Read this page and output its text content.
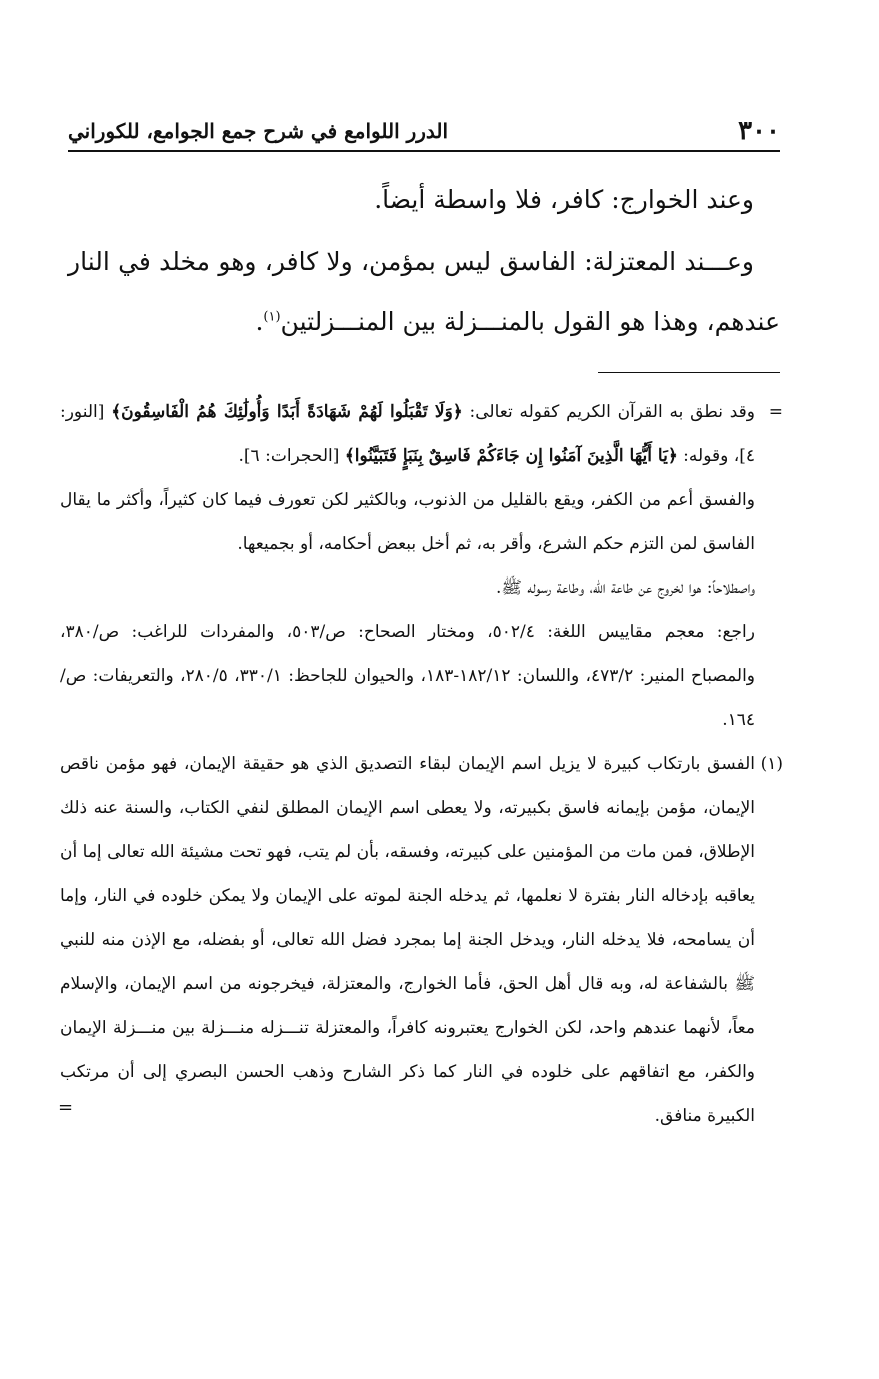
٣٠٠
الدرر اللوامع في شرح جمع الجوامع، للكوراني

وعند الخوارج: كافر، فلا واسطة أيضاً.

وعـــند المعتزلة: الفاسق ليس بمؤمن، ولا كافر، وهو مخلد في النار عندهم، وهذا هو القول بالمنـــزلة بين المنـــزلتين$^{(١)}$.

=

وقد نطق به القرآن الكريم كقوله تعالى: ﴿وَلَا تَقْبَلُوا لَهُمْ شَهَادَةً أَبَدًا وَأُولَٰئِكَ هُمُ الْفَاسِقُونَ﴾ [النور: ٤]، وقوله: ﴿يَا أَيُّهَا الَّذِينَ آمَنُوا إِن جَاءَكُمْ فَاسِقٌ بِنَبَإٍ فَتَبَيَّنُوا﴾ [الحجرات: ٦].

والفسق أعم من الكفر، ويقع بالقليل من الذنوب، وبالكثير لكن تعورف فيما كان كثيراً، وأكثر ما يقال الفاسق لمن التزم حكم الشرع، وأقر به، ثم أخل ببعض أحكامه، أو بجميعها.

واصطلاحاً: هوا لخروج عن طاعة الله، وطاعة رسوله ﷺ.

راجع: معجم مقاييس اللغة: ٥٠٢/٤، ومختار الصحاح: ص/٥٠٣، والمفردات للراغب: ص/٣٨٠، والمصباح المنير: ٤٧٣/٢، واللسان: ١٨٢/١٢-١٨٣، والحيوان للجاحظ: ٣٣٠/١، ٢٨٠/٥، والتعريفات: ص/١٦٤.

(١)

الفسق بارتكاب كبيرة لا يزيل اسم الإيمان لبقاء التصديق الذي هو حقيقة الإيمان، فهو مؤمن ناقص الإيمان، مؤمن بإيمانه فاسق بكبيرته، ولا يعطى اسم الإيمان المطلق لنفي الكتاب، والسنة عنه ذلك الإطلاق، فمن مات من المؤمنين على كبيرته، وفسقه، بأن لم يتب، فهو تحت مشيئة الله تعالى إما أن يعاقبه بإدخاله النار بفترة لا نعلمها، ثم يدخله الجنة لموته على الإيمان ولا يمكن خلوده في النار، وإما أن يسامحه، فلا يدخله النار، ويدخل الجنة إما بمجرد فضل الله تعالى، أو بفضله، مع الإذن منه للنبي ﷺ بالشفاعة له، وبه قال أهل الحق، فأما الخوارج، والمعتزلة، فيخرجونه من اسم الإيمان، والإسلام معاً، لأنهما عندهم واحد، لكن الخوارج يعتبرونه كافراً، والمعتزلة تنـــزله منـــزلة بين منـــزلة الإيمان والكفر، مع اتفاقهم على خلوده في النار كما ذكر الشارح وذهب الحسن البصري إلى أن مرتكب الكبيرة منافق.

=
